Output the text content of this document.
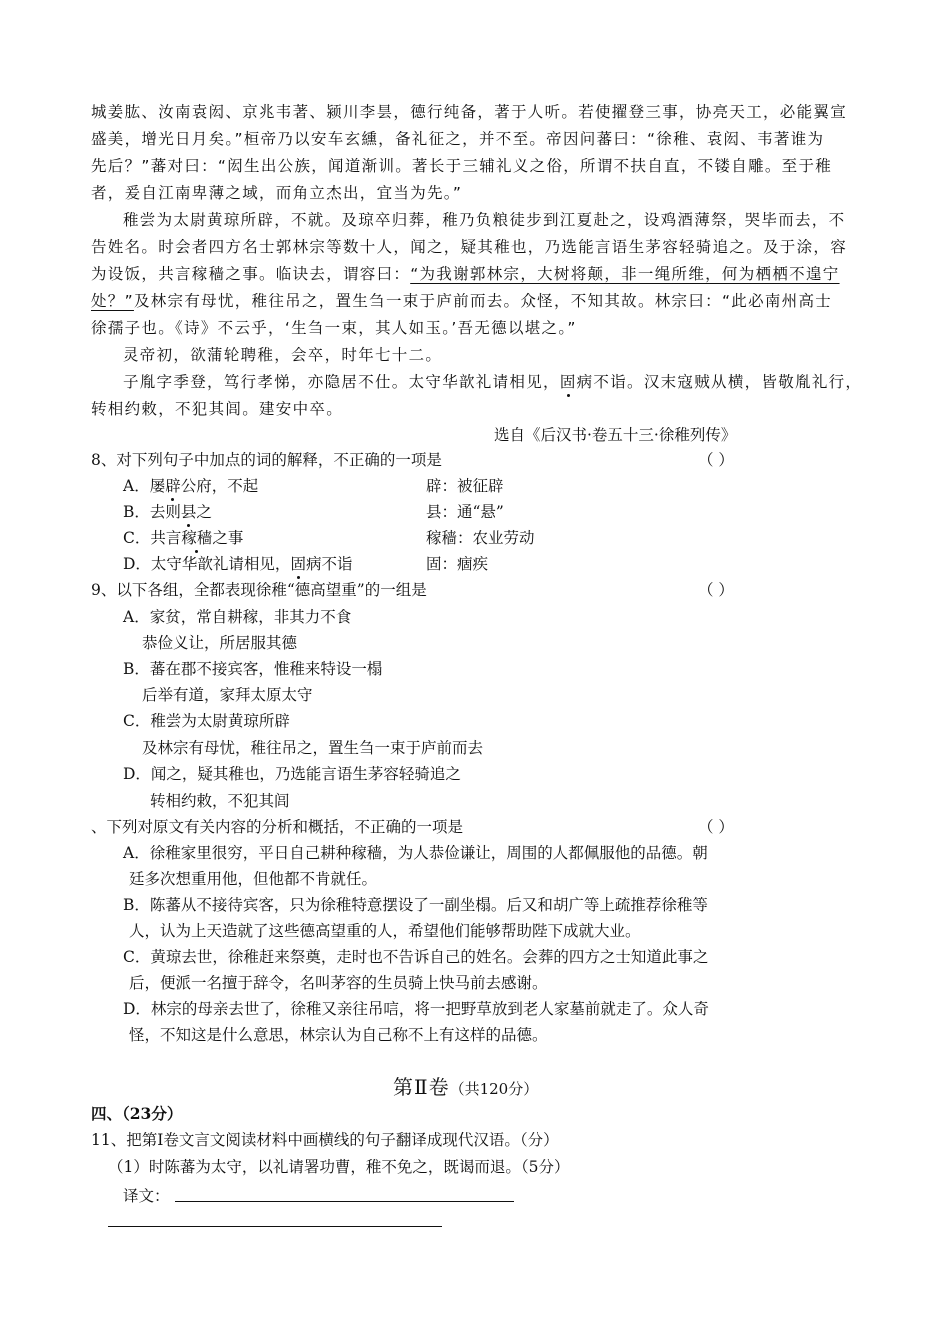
城姜肱、汝南袁闳、京兆韦著、颍川李昙，德行纯备，著于人听。若使擢登三事，协亮天工，必能翼宣
盛美，增光日月矣。”桓帝乃以安车玄纁，备礼征之，并不至。帝因问蕃曰：“徐稚、袁闳、韦著谁为
先后？”蕃对曰：“闳生出公族，闻道渐训。著长于三辅礼义之俗，所谓不扶自直，不镂自雕。至于稚
者，爰自江南卑薄之域，而角立杰出，宜当为先。”
稚尝为太尉黄琼所辟，不就。及琼卒归葬，稚乃负粮徒步到江夏赴之，设鸡酒薄祭，哭毕而去，不
告姓名。时会者四方名士郭林宗等数十人，闻之，疑其稚也，乃选能言语生茅容轻骑追之。及于涂，容
为设饭，共言稼穑之事。临诀去，谓容曰：“为我谢郭林宗，大树将颠，非一绳所维，何为栖栖不遑宁
处？”及林宗有母忧，稚往吊之，置生刍一束于庐前而去。众怪，不知其故。林宗曰：“此必南州高士
徐孺子也。《诗》不云乎，‘生刍一束，其人如玉。’吾无德以堪之。”
灵帝初，欲蒲轮聘稚，会卒，时年七十二。
子胤字季登，笃行孝悌，亦隐居不仕。太守华歆礼请相见，固病不诣。汉末寇贼从横，皆敬胤礼行，
转相约敕，不犯其闾。建安中卒。
选自《后汉书·卷五十三·徐稚列传》
8、对下列句子中加点的词的解释，不正确的一项是	（ ）
A．屡辟公府，不起	辟：被征辟
B．去则县之	县：通“悬”
C．共言稼穑之事	稼穑：农业劳动
D．太守华歆礼请相见，固病不诣	固：痼疾
9、以下各组，全都表现徐稚“德高望重”的一组是	（ ）
A．家贫，常自耕稼，非其力不食
恭俭义让，所居服其德
B．蕃在郡不接宾客，惟稚来特设一榻
后举有道，家拜太原太守
C．稚尝为太尉黄琼所辟
及林宗有母忧，稚往吊之，置生刍一束于庐前而去
D．闻之，疑其稚也，乃选能言语生茅容轻骑追之
转相约敕，不犯其闾
、下列对原文有关内容的分析和概括，不正确的一项是	（ ）
A．徐稚家里很穷，平日自己耕种稼穑，为人恭俭谦让，周围的人都佩服他的品德。朝
廷多次想重用他，但他都不肯就任。
B．陈蕃从不接待宾客，只为徐稚特意摆设了一副坐榻。后又和胡广等上疏推荐徐稚等
人，认为上天造就了这些德高望重的人，希望他们能够帮助陛下成就大业。
C．黄琼去世，徐稚赶来祭奠，走时也不告诉自己的姓名。会葬的四方之士知道此事之
后，便派一名擅于辞令，名叫茅容的生员骑上快马前去感谢。
D．林宗的母亲去世了，徐稚又亲往吊唁，将一把野草放到老人家墓前就走了。众人奇
怪，不知这是什么意思，林宗认为自己称不上有这样的品德。
第Ⅱ卷（共120分）
四、（23分）
11、把第Ⅰ卷文言文阅读材料中画横线的句子翻译成现代汉语。（分）
（1）时陈蕃为太守，以礼请署功曹，稚不免之，既谒而退。（5分）
译文：
